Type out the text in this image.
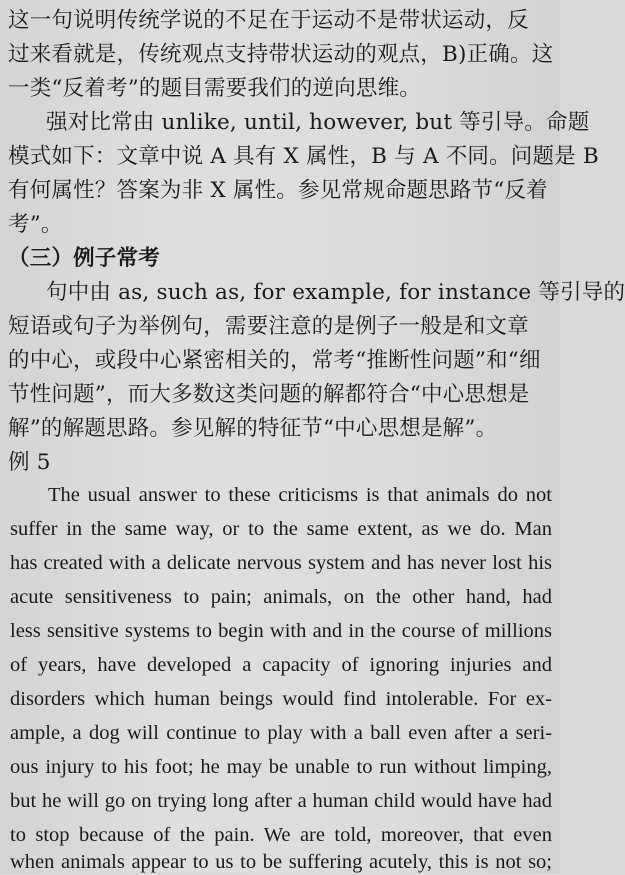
这一句说明传统学说的不足在于运动不是带状运动，反
过来看就是，传统观点支持带状运动的观点，B)正确。这
一类“反着考”的题目需要我们的逆向思维。
强对比常由 unlike, until, however, but 等引导。命题
模式如下：文章中说 A 具有 X 属性，B 与 A 不同。问题是 B
有何属性？答案为非 X 属性。参见常规命题思路节“反着
考”。
（三）例子常考
句中由 as, such as, for example, for instance 等引导的
短语或句子为举例句，需要注意的是例子一般是和文章
的中心，或段中心紧密相关的，常考“推断性问题”和“细
节性问题”，而大多数这类问题的解都符合“中心思想是
解”的解题思路。参见解的特征节“中心思想是解”。
例 5
The usual answer to these criticisms is that animals do not
suffer in the same way, or to the same extent, as we do. Man
has created with a delicate nervous system and has never lost his
acute sensitiveness to pain; animals, on the other hand, had
less sensitive systems to begin with and in the course of millions
of years, have developed a capacity of ignoring injuries and
disorders which human beings would find intolerable. For ex-
ample, a dog will continue to play with a ball even after a seri-
ous injury to his foot; he may be unable to run without limping,
but he will go on trying long after a human child would have had
to stop because of the pain. We are told, moreover, that even
when animals appear to us to be suffering acutely, this is not so;
